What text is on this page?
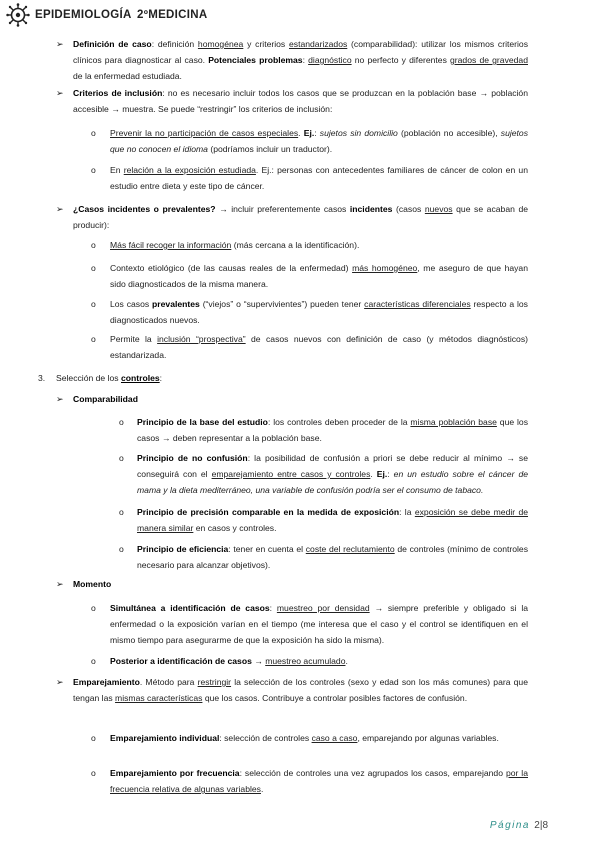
EPIDEMIOLOGÍA 2ºMEDICINA
➢ Definición de caso: definición homogénea y criterios estandarizados (comparabilidad): utilizar los mismos criterios clínicos para diagnosticar al caso. Potenciales problemas: diagnóstico no perfecto y diferentes grados de gravedad de la enfermedad estudiada.
➢ Criterios de inclusión: no es necesario incluir todos los casos que se produzcan en la población base → población accesible → muestra. Se puede “restringir” los criterios de inclusión:
o Prevenir la no participación de casos especiales. Ej.: sujetos sin domicilio (población no accesible), sujetos que no conocen el idioma (podríamos incluir un traductor).
o En relación a la exposición estudiada. Ej.: personas con antecedentes familiares de cáncer de colon en un estudio entre dieta y este tipo de cáncer.
➢ ¿Casos incidentes o prevalentes? → incluir preferentemente casos incidentes (casos nuevos que se acaban de producir):
o Más fácil recoger la información (más cercana a la identificación).
o Contexto etiológico (de las causas reales de la enfermedad) más homogéneo, me aseguro de que hayan sido diagnosticados de la misma manera.
o Los casos prevalentes (“viejos” o “supervivientes”) pueden tener características diferenciales respecto a los diagnosticados nuevos.
o Permite la inclusión “prospectiva” de casos nuevos con definición de caso (y métodos diagnósticos) estandarizada.
3. Selección de los controles:
➢ Comparabilidad
o Principio de la base del estudio: los controles deben proceder de la misma población base que los casos → deben representar a la población base.
o Principio de no confusión: la posibilidad de confusión a priori se debe reducir al mínimo → se conseguirá con el emparejamiento entre casos y controles. Ej.: en un estudio sobre el cáncer de mama y la dieta mediterráneo, una variable de confusión podría ser el consumo de tabaco.
o Principio de precisión comparable en la medida de exposición: la exposición se debe medir de manera similar en casos y controles.
o Principio de eficiencia: tener en cuenta el coste del reclutamiento de controles (mínimo de controles necesario para alcanzar objetivos).
➢ Momento
o Simultánea a identificación de casos: muestreo por densidad → siempre preferible y obligado si la enfermedad o la exposición varían en el tiempo (me interesa que el caso y el control se identifiquen en el mismo tiempo para asegurarme de que la exposición ha sido la misma).
o Posterior a identificación de casos → muestreo acumulado.
➢ Emparejamiento. Método para restringir la selección de los controles (sexo y edad son los más comunes) para que tengan las mismas características que los casos. Contribuye a controlar posibles factores de confusión.
o Emparejamiento individual: selección de controles caso a caso, emparejando por algunas variables.
o Emparejamiento por frecuencia: selección de controles una vez agrupados los casos, emparejando por la frecuencia relativa de algunas variables.
Página 2|8
